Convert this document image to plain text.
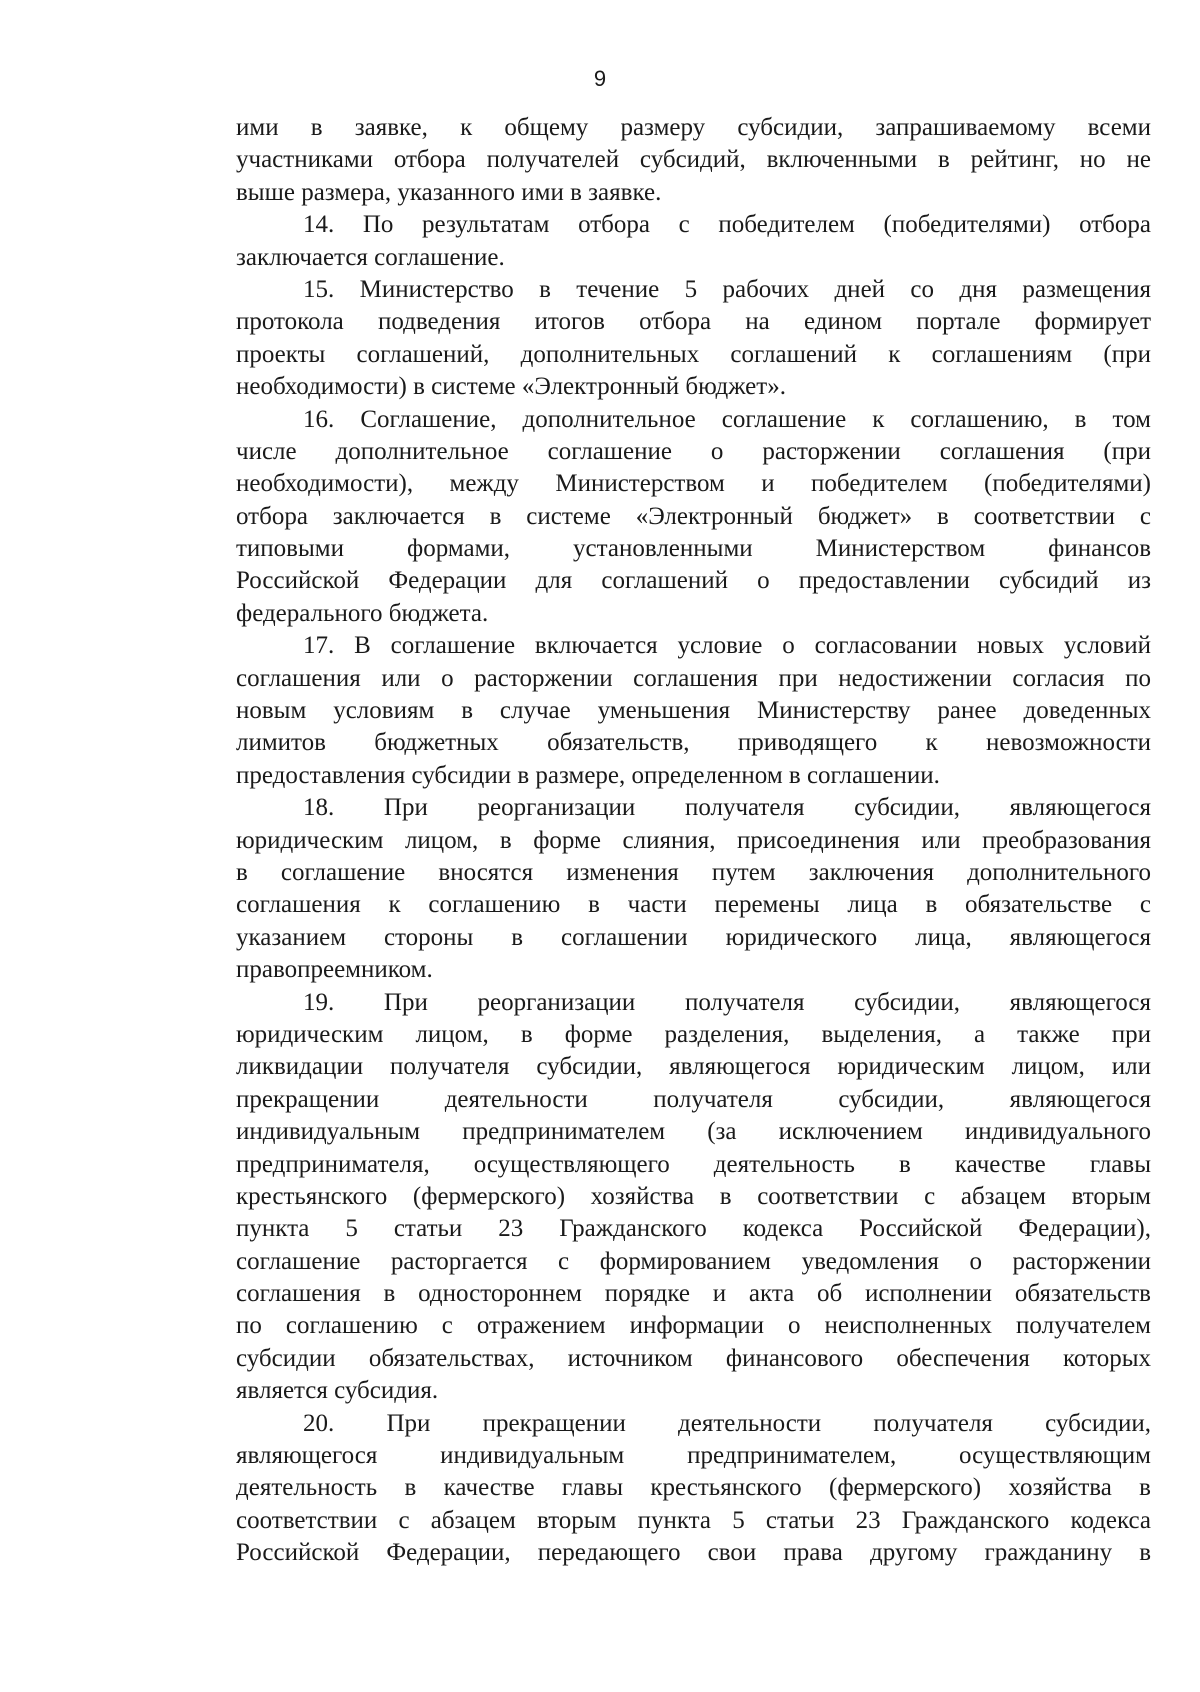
9
ими в заявке, к общему размеру субсидии, запрашиваемому всеми
участниками отбора получателей субсидий, включенными в рейтинг, но не
выше размера, указанного ими в заявке.
14. По результатам отбора с победителем (победителями) отбора
заключается соглашение.
15. Министерство в течение 5 рабочих дней со дня размещения
протокола подведения итогов отбора на едином портале формирует
проекты соглашений, дополнительных соглашений к соглашениям (при
необходимости) в системе «Электронный бюджет».
16. Соглашение, дополнительное соглашение к соглашению, в том
числе дополнительное соглашение о расторжении соглашения (при
необходимости), между Министерством и победителем (победителями)
отбора заключается в системе «Электронный бюджет» в соответствии с
типовыми формами, установленными Министерством финансов
Российской Федерации для соглашений о предоставлении субсидий из
федерального бюджета.
17. В соглашение включается условие о согласовании новых условий
соглашения или о расторжении соглашения при недостижении согласия по
новым условиям в случае уменьшения Министерству ранее доведенных
лимитов бюджетных обязательств, приводящего к невозможности
предоставления субсидии в размере, определенном в соглашении.
18. При реорганизации получателя субсидии, являющегося
юридическим лицом, в форме слияния, присоединения или преобразования
в соглашение вносятся изменения путем заключения дополнительного
соглашения к соглашению в части перемены лица в обязательстве с
указанием стороны в соглашении юридического лица, являющегося
правопреемником.
19. При реорганизации получателя субсидии, являющегося
юридическим лицом, в форме разделения, выделения, а также при
ликвидации получателя субсидии, являющегося юридическим лицом, или
прекращении деятельности получателя субсидии, являющегося
индивидуальным предпринимателем (за исключением индивидуального
предпринимателя, осуществляющего деятельность в качестве главы
крестьянского (фермерского) хозяйства в соответствии с абзацем вторым
пункта 5 статьи 23 Гражданского кодекса Российской Федерации),
соглашение расторгается с формированием уведомления о расторжении
соглашения в одностороннем порядке и акта об исполнении обязательств
по соглашению с отражением информации о неисполненных получателем
субсидии обязательствах, источником финансового обеспечения которых
является субсидия.
20. При прекращении деятельности получателя субсидии,
являющегося индивидуальным предпринимателем, осуществляющим
деятельность в качестве главы крестьянского (фермерского) хозяйства в
соответствии с абзацем вторым пункта 5 статьи 23 Гражданского кодекса
Российской Федерации, передающего свои права другому гражданину в
